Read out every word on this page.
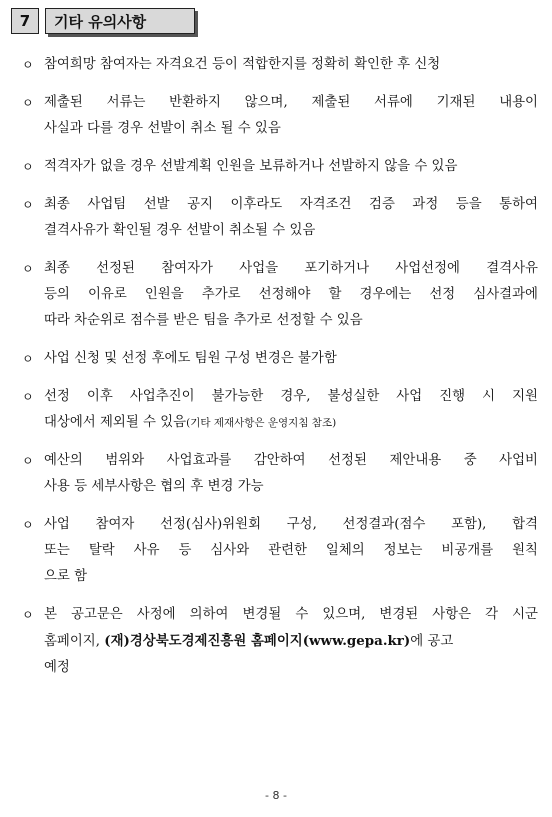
7	기타 유의사항
ㅇ 참여희망 참여자는 자격요건 등이 적합한지를 정확히 확인한 후 신청
ㅇ 제출된 서류는 반환하지 않으며, 제출된 서류에 기재된 내용이
사실과 다를 경우 선발이 취소 될 수 있음
ㅇ 적격자가 없을 경우 선발계획 인원을 보류하거나 선발하지 않을 수 있음
ㅇ 최종 사업팀 선발 공지 이후라도 자격조건 검증 과정 등을 통하여
결격사유가 확인될 경우 선발이 취소될 수 있음
ㅇ 최종 선정된 참여자가 사업을 포기하거나 사업선정에 결격사유
등의 이유로 인원을 추가로 선정해야 할 경우에는 선정 심사결과에
따라 차순위로 점수를 받은 팀을 추가로 선정할 수 있음
ㅇ 사업 신청 및 선정 후에도 팀원 구성 변경은 불가함
ㅇ 선정 이후 사업추진이 불가능한 경우, 불성실한 사업 진행 시 지원
대상에서 제외될 수 있음(기타 제재사항은 운영지침 참조)
ㅇ 예산의 범위와 사업효과를 감안하여 선정된 제안내용 중 사업비
사용 등 세부사항은 협의 후 변경 가능
ㅇ 사업 참여자 선정(심사)위원회 구성, 선정결과(점수 포함), 합격
또는 탈락 사유 등 심사와 관련한 일체의 정보는 비공개를 원칙
으로 함
ㅇ 본 공고문은 사정에 의하여 변경될 수 있으며, 변경된 사항은 각 시군
홈페이지, (재)경상북도경제진흥원 홈페이지(www.gepa.kr)에 공고
예정
- 8 -
